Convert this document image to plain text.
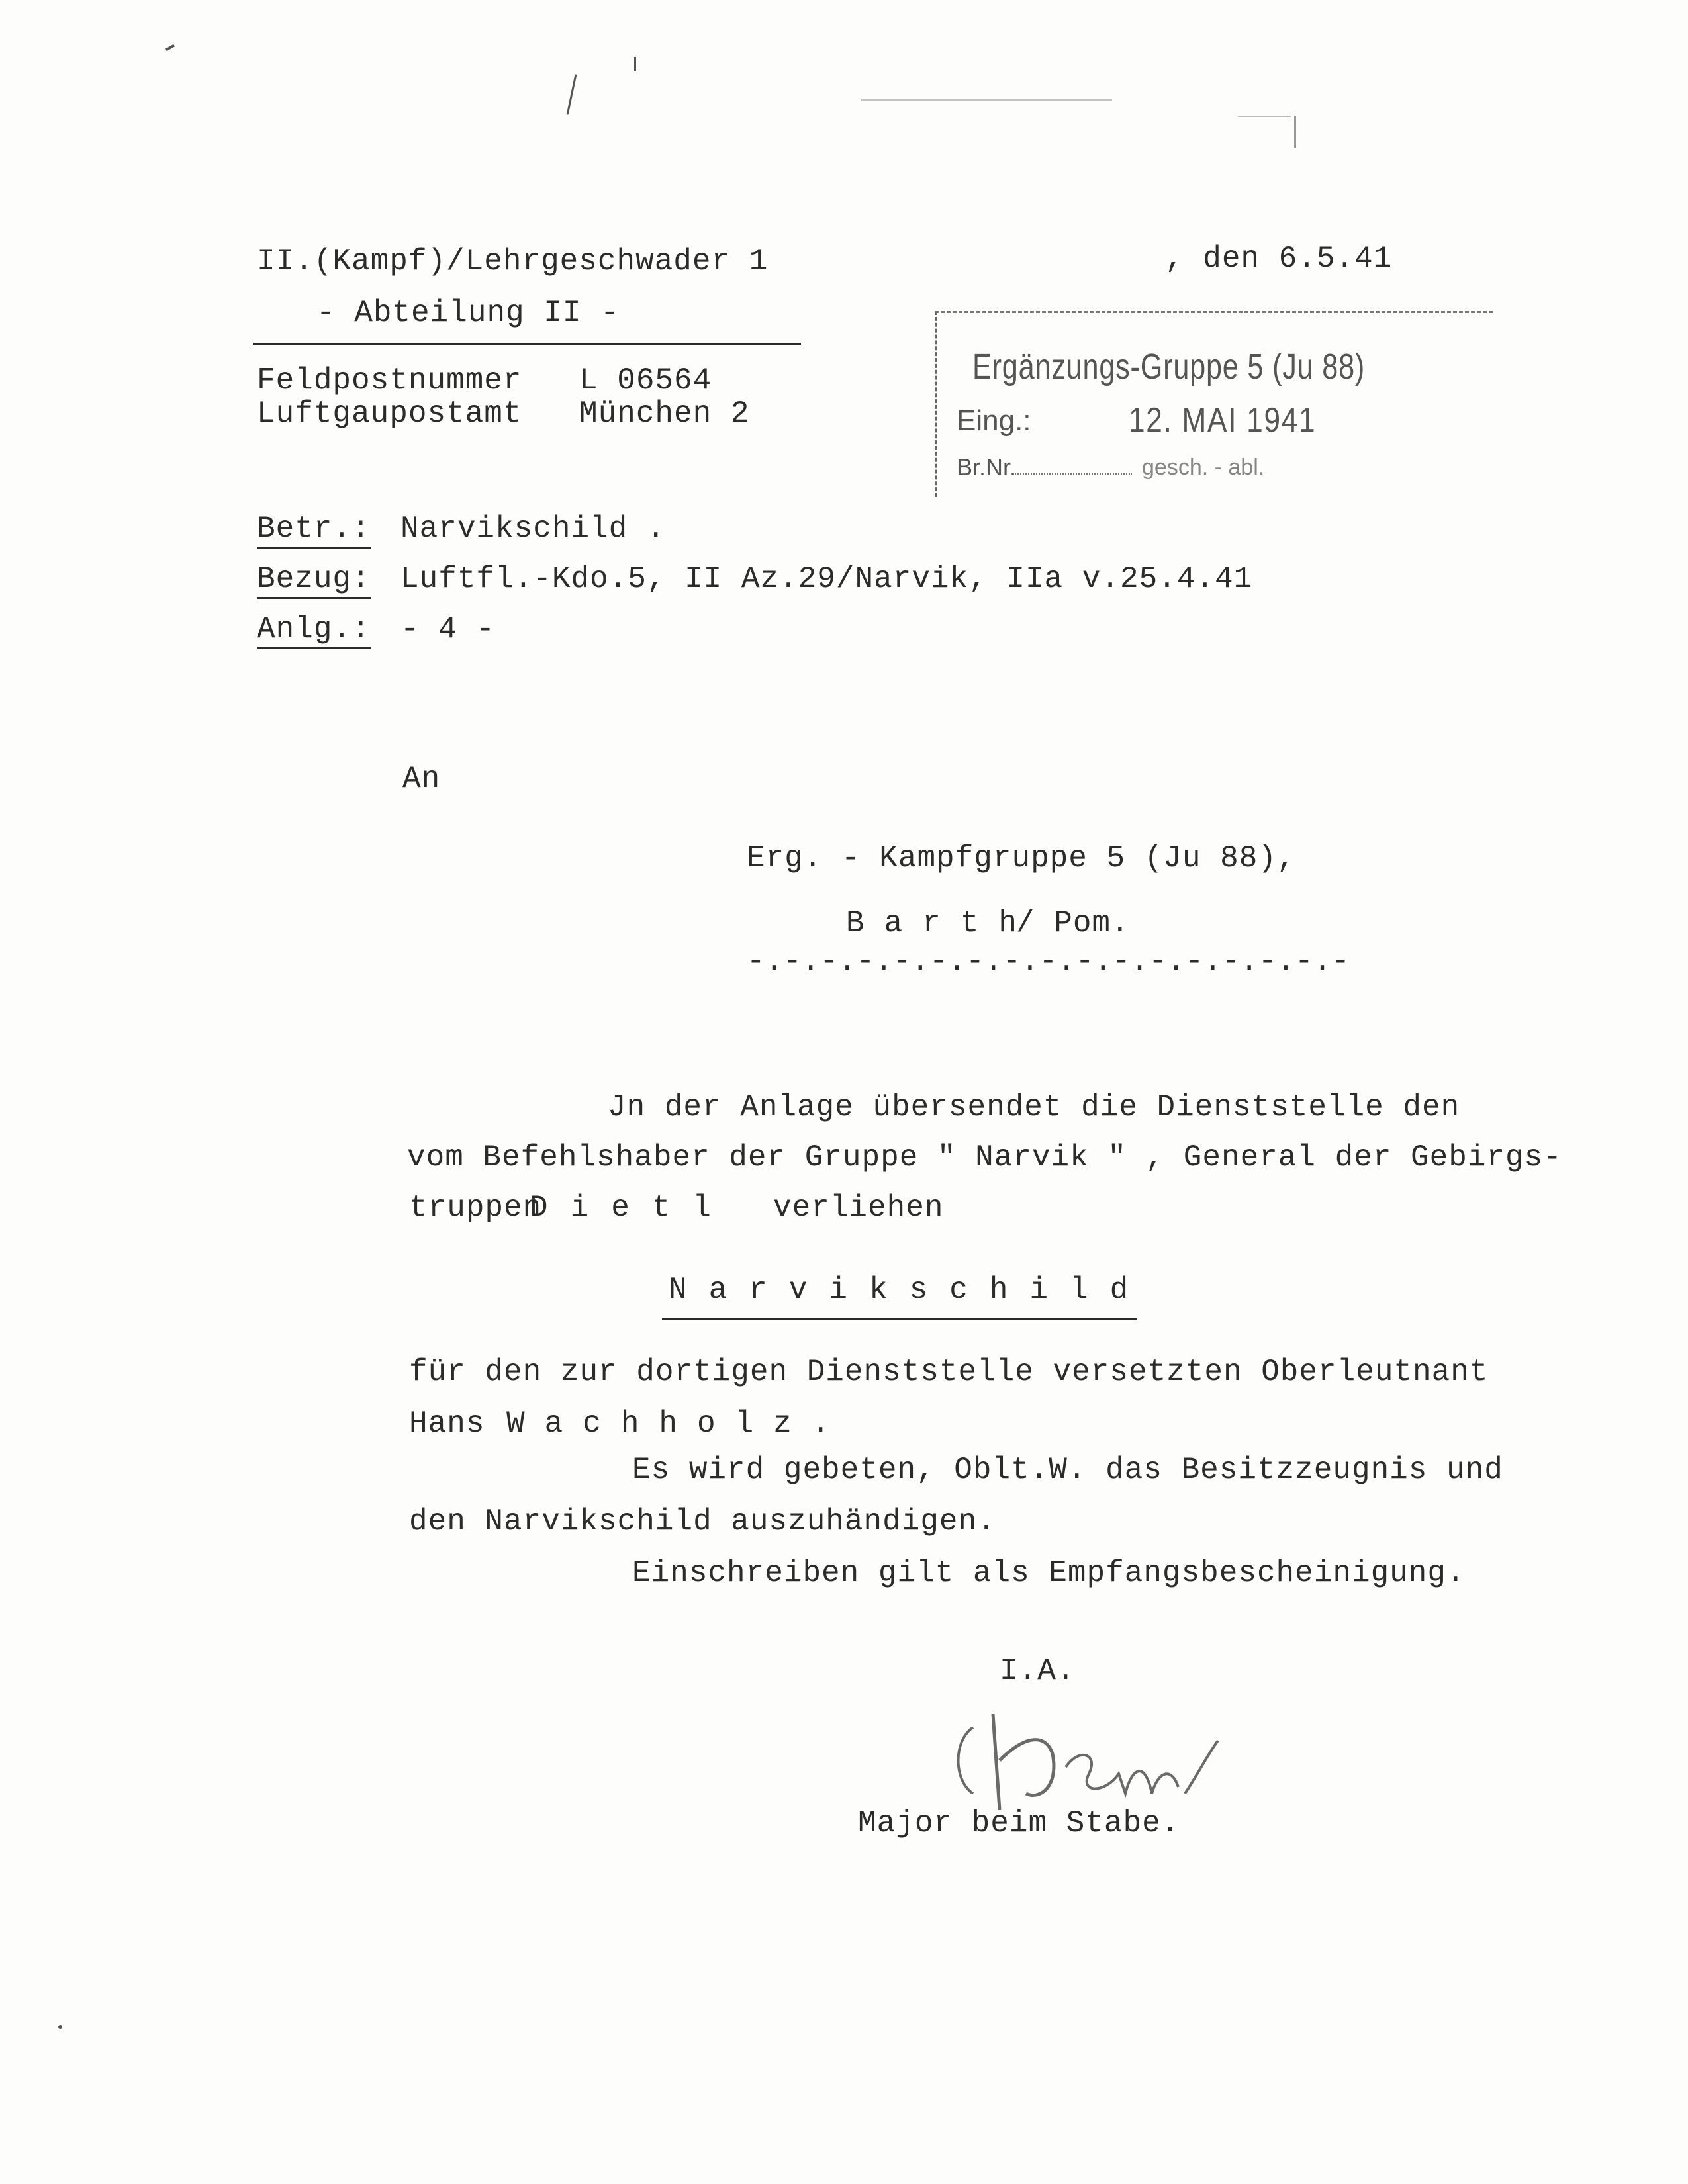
II.(Kampf)/Lehrgeschwader 1
- Abteilung II -
, den 6.5.41
Feldpostnummer L 06564
Luftgaupostamt München 2
Ergänzungs-Gruppe 5 (Ju 88)
Eing.:	12. MAI 1941
Br.Nr.	gesch. - abl.
Betr.: Narvikschild .
Bezug: Luftfl.-Kdo.5, II Az.29/Narvik, IIa v.25.4.41
Anlg.: - 4 -
An
Erg. - Kampfgruppe 5 (Ju 88),
Barth
/ Pom.
-.-.-.-.-.-.-.-.-.-.-.-.-.-.-.-.-
Jn der Anlage übersendet die Dienststelle den
vom Befehlshaber der Gruppe " Narvik " , General der Gebirgs-
truppen
Dietl verliehen
Narvikschild
für den zur dortigen Dienststelle versetzten Oberleutnant
Hans Wachholz.
Es wird gebeten, Oblt.W. das Besitzzeugnis und
den Narvikschild auszuhändigen.
Einschreiben gilt als Empfangsbescheinigung.
I.A.
Major beim Stabe.
